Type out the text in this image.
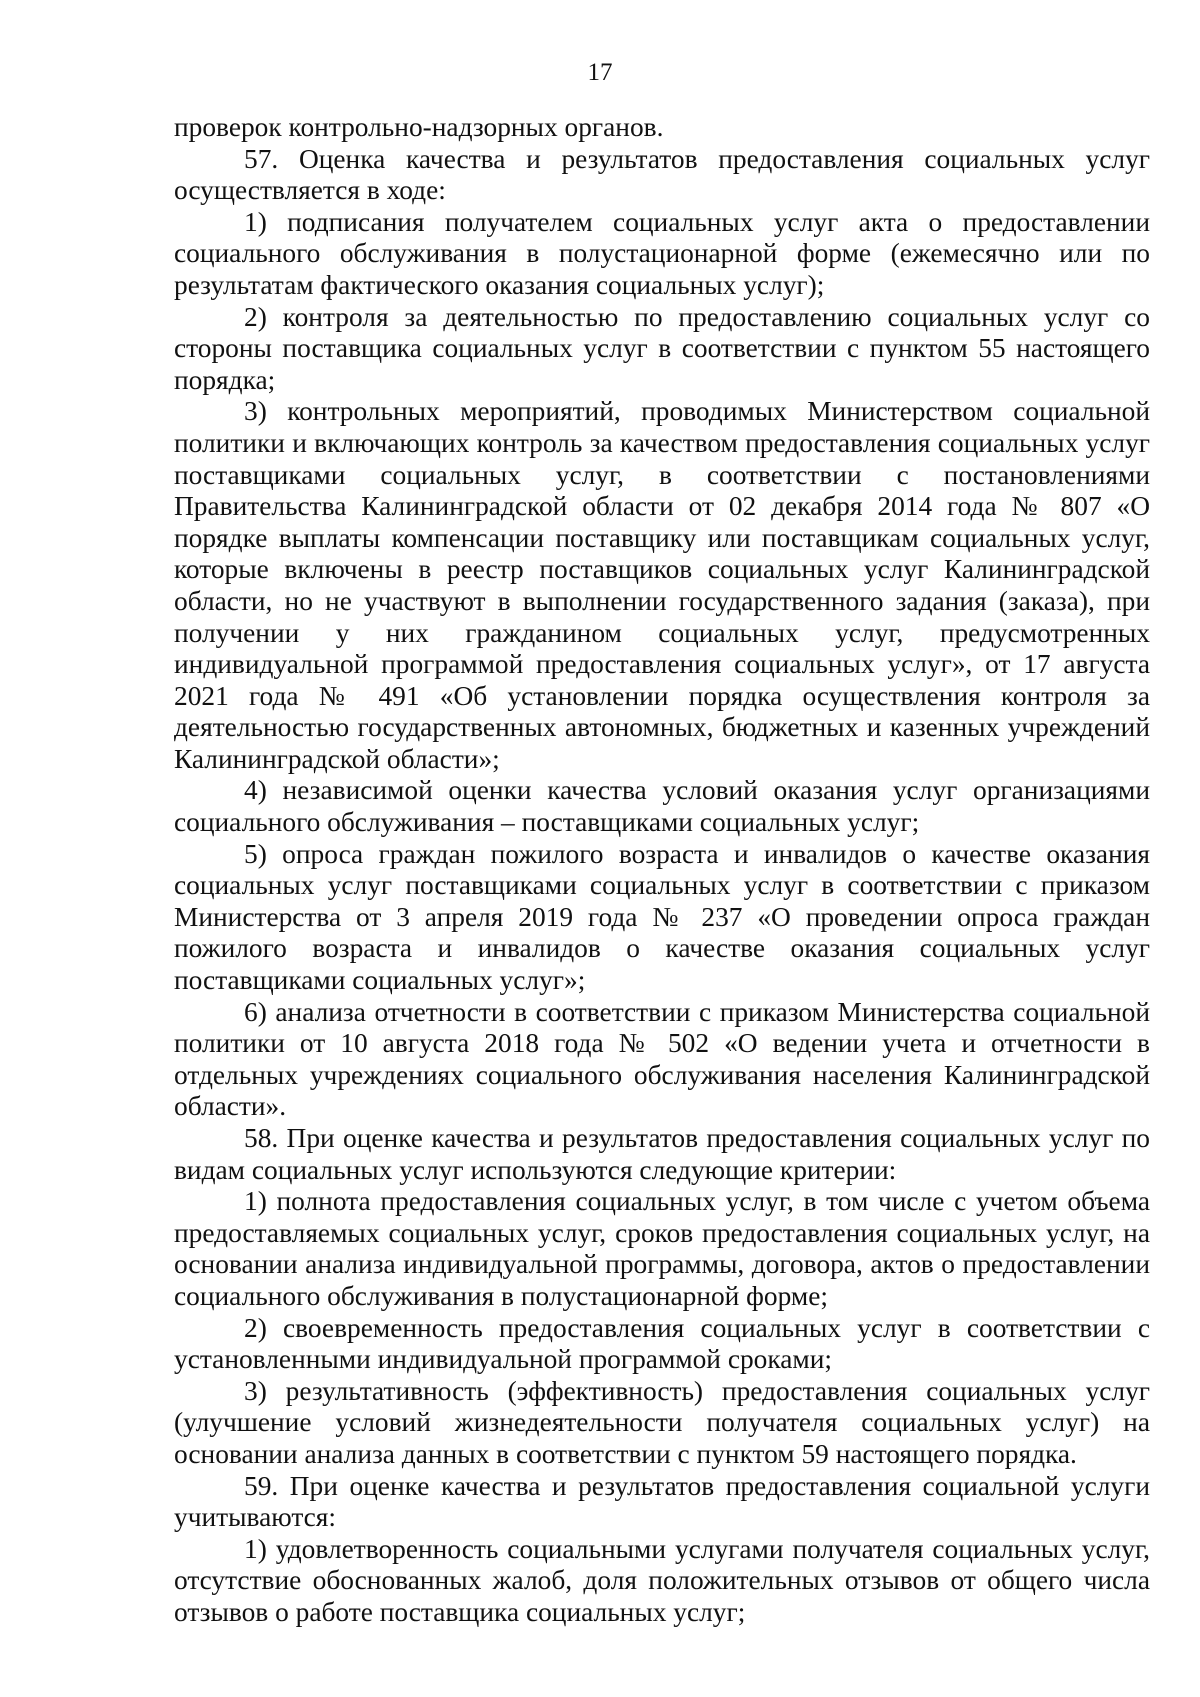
17

проверок контрольно-надзорных органов.

57. Оценка качества и результатов предоставления социальных услуг осуществляется в ходе:

1) подписания получателем социальных услуг акта о предоставлении социального обслуживания в полустационарной форме (ежемесячно или по результатам фактического оказания социальных услуг);

2) контроля за деятельностью по предоставлению социальных услуг со стороны поставщика социальных услуг в соответствии с пунктом 55 настоящего порядка;

3) контрольных мероприятий, проводимых Министерством социальной политики и включающих контроль за качеством предоставления социальных услуг поставщиками социальных услуг, в соответствии с постановлениями Правительства Калининградской области от 02 декабря 2014 года № 807 «О порядке выплаты компенсации поставщику или поставщикам социальных услуг, которые включены в реестр поставщиков социальных услуг Калининградской области, но не участвуют в выполнении государственного задания (заказа), при получении у них гражданином социальных услуг, предусмотренных индивидуальной программой предоставления социальных услуг», от 17 августа 2021 года № 491 «Об установлении порядка осуществления контроля за деятельностью государственных автономных, бюджетных и казенных учреждений Калининградской области»;

4) независимой оценки качества условий оказания услуг организациями социального обслуживания – поставщиками социальных услуг;

5) опроса граждан пожилого возраста и инвалидов о качестве оказания социальных услуг поставщиками социальных услуг в соответствии с приказом Министерства от 3 апреля 2019 года № 237 «О проведении опроса граждан пожилого возраста и инвалидов о качестве оказания социальных услуг поставщиками социальных услуг»;

6) анализа отчетности в соответствии с приказом Министерства социальной политики от 10 августа 2018 года № 502 «О ведении учета и отчетности в отдельных учреждениях социального обслуживания населения Калининградской области».

58. При оценке качества и результатов предоставления социальных услуг по видам социальных услуг используются следующие критерии:

1) полнота предоставления социальных услуг, в том числе с учетом объема предоставляемых социальных услуг, сроков предоставления социальных услуг, на основании анализа индивидуальной программы, договора, актов о предоставлении социального обслуживания в полустационарной форме;

2) своевременность предоставления социальных услуг в соответствии с установленными индивидуальной программой сроками;

3) результативность (эффективность) предоставления социальных услуг (улучшение условий жизнедеятельности получателя социальных услуг) на основании анализа данных в соответствии с пунктом 59 настоящего порядка.

59. При оценке качества и результатов предоставления социальной услуги учитываются:

1) удовлетворенность социальными услугами получателя социальных услуг, отсутствие обоснованных жалоб, доля положительных отзывов от общего числа отзывов о работе поставщика социальных услуг;
